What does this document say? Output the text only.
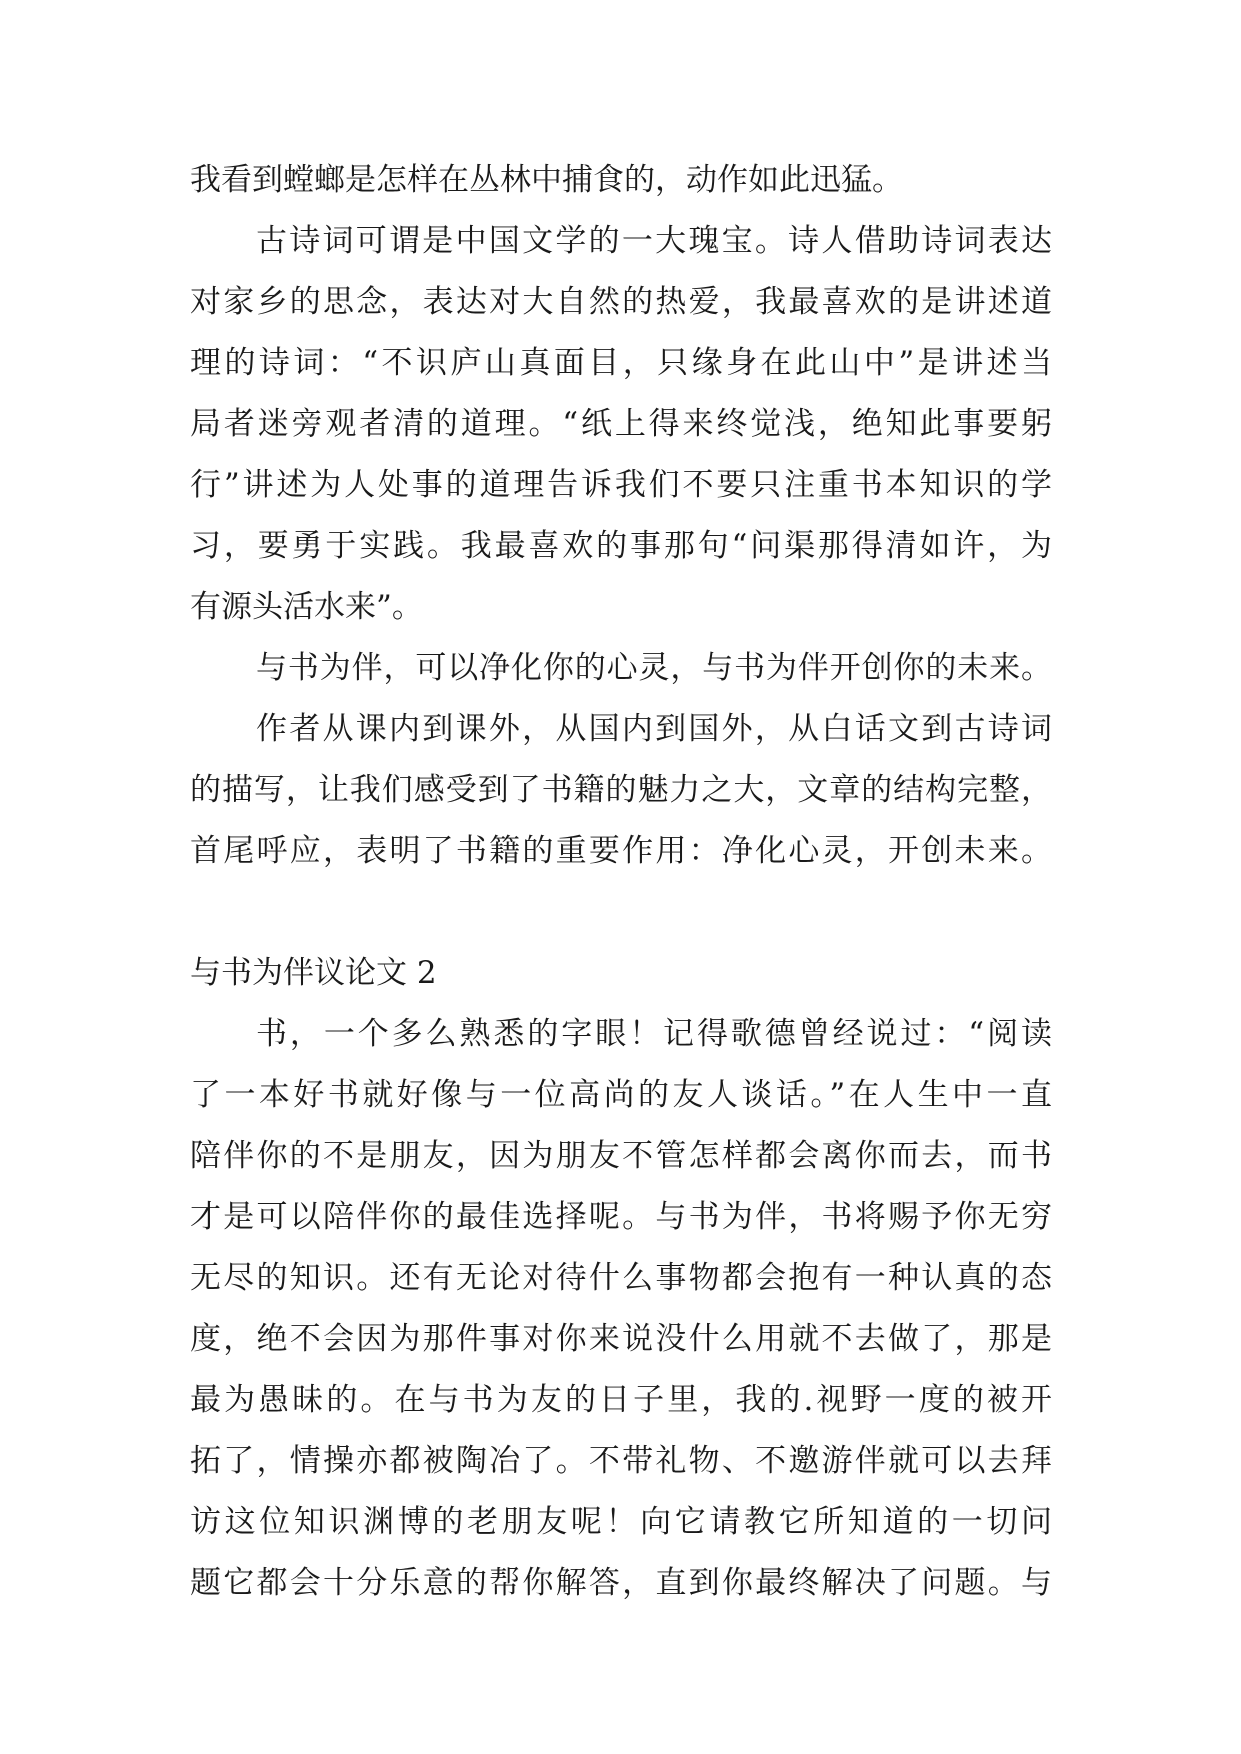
我看到螳螂是怎样在丛林中捕食的，动作如此迅猛。
古诗词可谓是中国文学的一大瑰宝。诗人借助诗词表达
对家乡的思念，表达对大自然的热爱，我最喜欢的是讲述道
理的诗词：“不识庐山真面目，只缘身在此山中”是讲述当
局者迷旁观者清的道理。“纸上得来终觉浅，绝知此事要躬
行”讲述为人处事的道理告诉我们不要只注重书本知识的学
习，要勇于实践。我最喜欢的事那句“问渠那得清如许，为
有源头活水来”。
与书为伴，可以净化你的心灵，与书为伴开创你的未来。
作者从课内到课外，从国内到国外，从白话文到古诗词
的描写，让我们感受到了书籍的魅力之大，文章的结构完整，
首尾呼应，表明了书籍的重要作用：净化心灵，开创未来。
与书为伴议论文 2
书，一个多么熟悉的字眼！记得歌德曾经说过：“阅读
了一本好书就好像与一位高尚的友人谈话。”在人生中一直
陪伴你的不是朋友，因为朋友不管怎样都会离你而去，而书
才是可以陪伴你的最佳选择呢。与书为伴，书将赐予你无穷
无尽的知识。还有无论对待什么事物都会抱有一种认真的态
度，绝不会因为那件事对你来说没什么用就不去做了，那是
最为愚昧的。在与书为友的日子里，我的.视野一度的被开
拓了，情操亦都被陶冶了。不带礼物、不邀游伴就可以去拜
访这位知识渊博的老朋友呢！向它请教它所知道的一切问
题它都会十分乐意的帮你解答，直到你最终解决了问题。与
